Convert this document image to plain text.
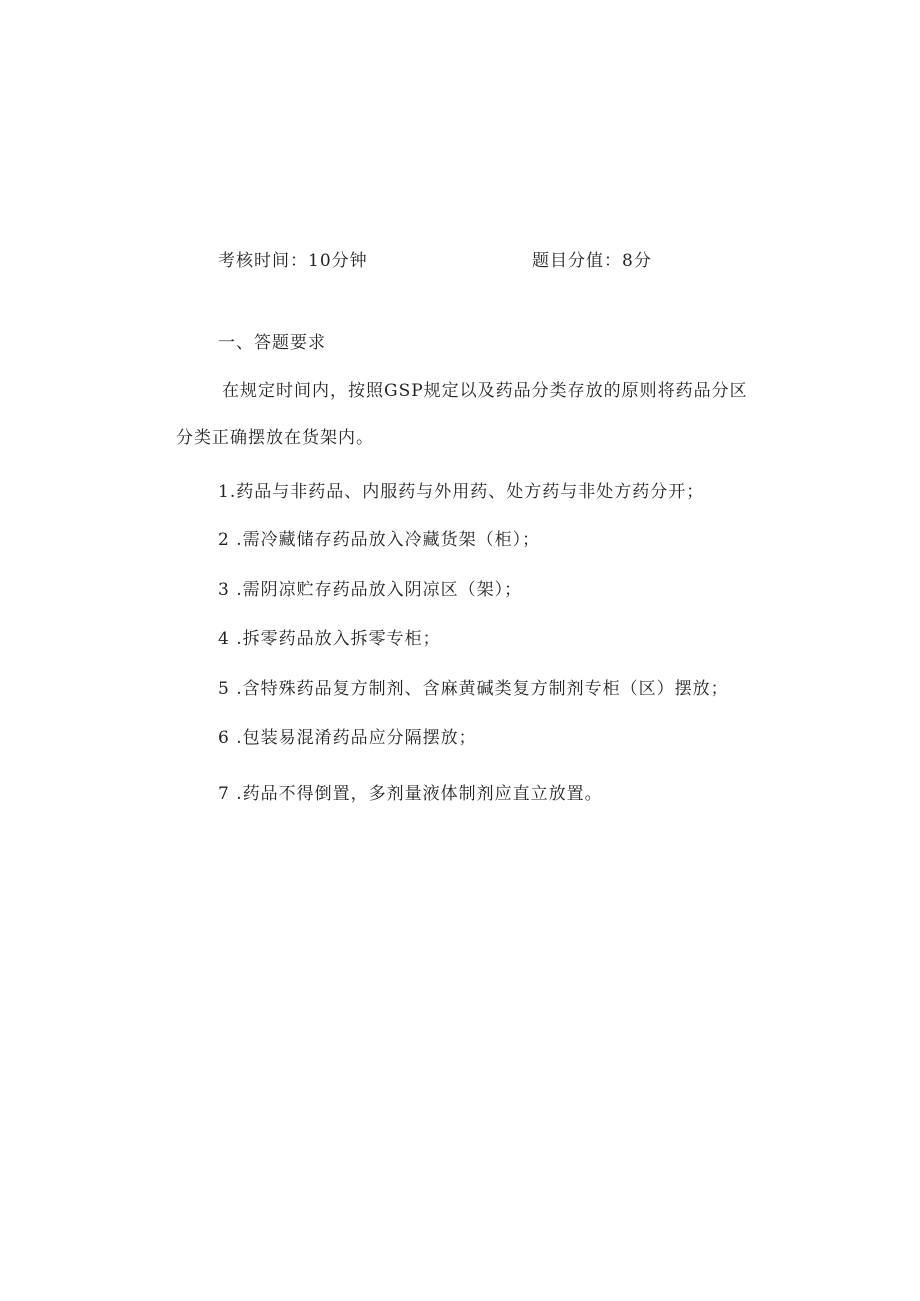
考核时间：10分钟	题目分值：8分
一、答题要求
在规定时间内，按照GSP规定以及药品分类存放的原则将药品分区
分类正确摆放在货架内。
1.药品与非药品、内服药与外用药、处方药与非处方药分开；
2 .需冷藏储存药品放入冷藏货架（柜）；
3 .需阴凉贮存药品放入阴凉区（架）；
4 .拆零药品放入拆零专柜；
5 .含特殊药品复方制剂、含麻黄碱类复方制剂专柜（区）摆放；
6 .包装易混淆药品应分隔摆放；
7 .药品不得倒置，多剂量液体制剂应直立放置。
